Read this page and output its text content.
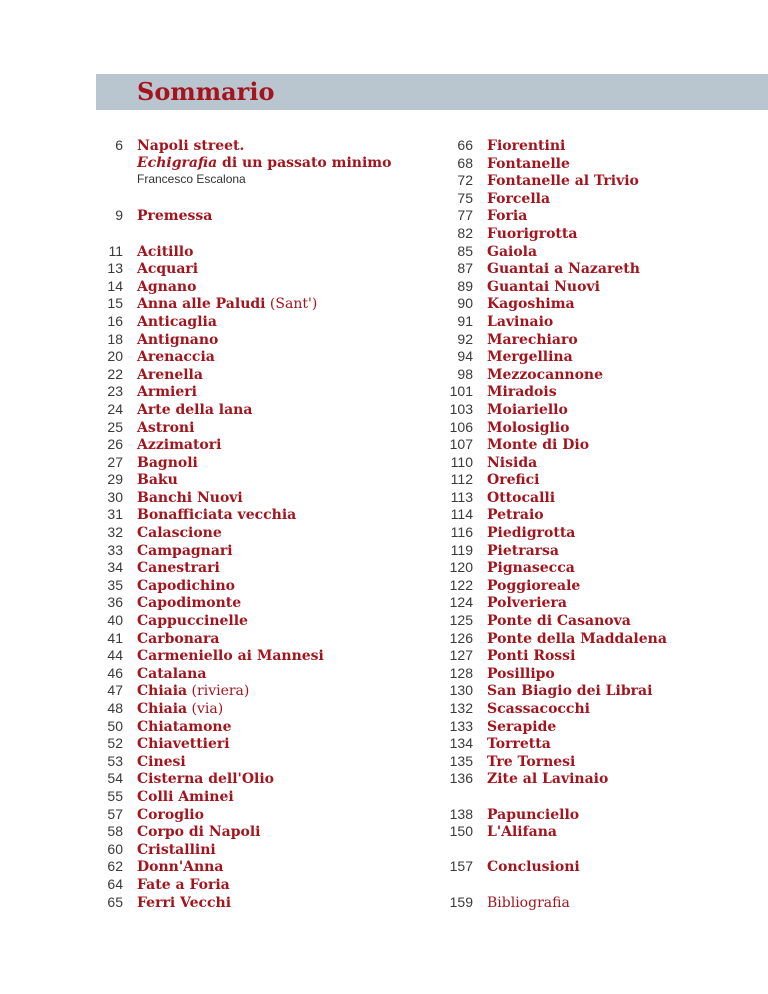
Sommario
6 Napoli street.
Echigrafia di un passato minimo
Francesco Escalona
9 Premessa
11 Acitillo
13 Acquari
14 Agnano
15 Anna alle Paludi (Sant')
16 Anticaglia
18 Antignano
20 Arenaccia
22 Arenella
23 Armieri
24 Arte della lana
25 Astroni
26 Azzimatori
27 Bagnoli
29 Baku
30 Banchi Nuovi
31 Bonafficiata vecchia
32 Calascione
33 Campagnari
34 Canestrari
35 Capodichino
36 Capodimonte
40 Cappuccinelle
41 Carbonara
44 Carmeniello ai Mannesi
46 Catalana
47 Chiaia (riviera)
48 Chiaia (via)
50 Chiatamone
52 Chiavettieri
53 Cinesi
54 Cisterna dell'Olio
55 Colli Aminei
57 Coroglio
58 Corpo di Napoli
60 Cristallini
62 Donn'Anna
64 Fate a Foria
65 Ferri Vecchi
66 Fiorentini
68 Fontanelle
72 Fontanelle al Trivio
75 Forcella
77 Foria
82 Fuorigrotta
85 Gaiola
87 Guantai a Nazareth
89 Guantai Nuovi
90 Kagoshima
91 Lavinaio
92 Marechiaro
94 Mergellina
98 Mezzocannone
101 Miradois
103 Moiariello
106 Molosiglio
107 Monte di Dio
110 Nisida
112 Orefici
113 Ottocalli
114 Petraio
116 Piedigrotta
119 Pietrarsa
120 Pignasecca
122 Poggioreale
124 Polveriera
125 Ponte di Casanova
126 Ponte della Maddalena
127 Ponti Rossi
128 Posillipo
130 San Biagio dei Librai
132 Scassacocchi
133 Serapide
134 Torretta
135 Tre Tornesi
136 Zite al Lavinaio
138 Papunciello
150 L'Alifana
157 Conclusioni
159 Bibliografia
